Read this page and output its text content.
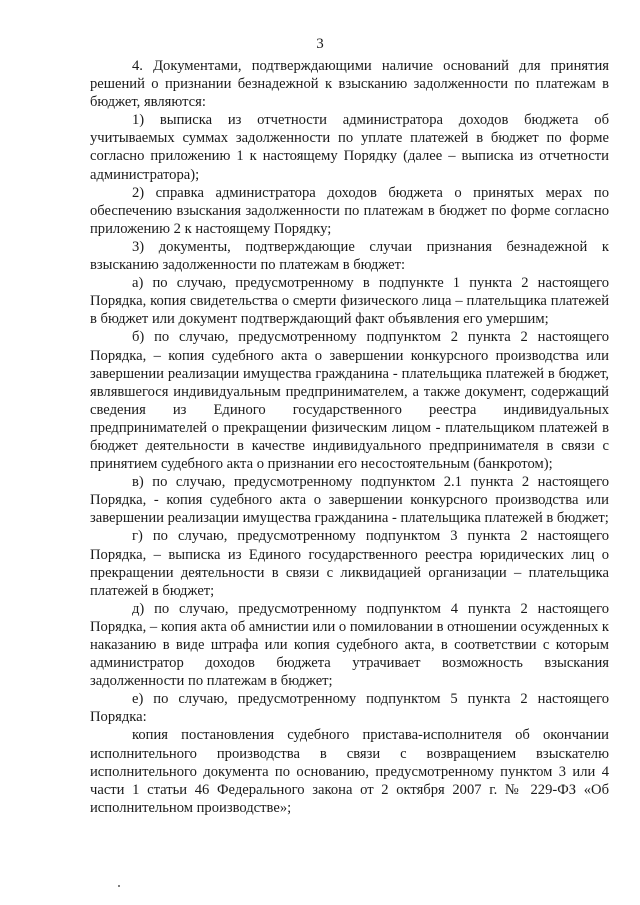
3

4. Документами, подтверждающими наличие оснований для принятия решений о признании безнадежной к взысканию задолженности по платежам в бюджет, являются:

1) выписка из отчетности администратора доходов бюджета об учитываемых суммах задолженности по уплате платежей в бюджет по форме согласно приложению 1 к настоящему Порядку (далее – выписка из отчетности администратора);

2) справка администратора доходов бюджета о принятых мерах по обеспечению взыскания задолженности по платежам в бюджет по форме согласно приложению 2 к настоящему Порядку;

3) документы, подтверждающие случаи признания безнадежной к взысканию задолженности по платежам в бюджет:

а) по случаю, предусмотренному в подпункте 1 пункта 2 настоящего Порядка, копия свидетельства о смерти физического лица – плательщика платежей в бюджет или документ подтверждающий факт объявления его умершим;

б) по случаю, предусмотренному подпунктом 2 пункта 2 настоящего Порядка, – копия судебного акта о завершении конкурсного производства или завершении реализации имущества гражданина - плательщика платежей в бюджет, являвшегося индивидуальным предпринимателем, а также документ, содержащий сведения из Единого государственного реестра индивидуальных предпринимателей о прекращении физическим лицом - плательщиком платежей в бюджет деятельности в качестве индивидуального предпринимателя в связи с принятием судебного акта о признании его несостоятельным (банкротом);

в) по случаю, предусмотренному подпунктом 2.1 пункта 2 настоящего Порядка, - копия судебного акта о завершении конкурсного производства или завершении реализации имущества гражданина - плательщика платежей в бюджет;

г) по случаю, предусмотренному подпунктом 3 пункта 2 настоящего Порядка, – выписка из Единого государственного реестра юридических лиц о прекращении деятельности в связи с ликвидацией организации – плательщика платежей в бюджет;

д) по случаю, предусмотренному подпунктом 4 пункта 2 настоящего Порядка, – копия акта об амнистии или о помиловании в отношении осужденных к наказанию в виде штрафа или копия судебного акта, в соответствии с которым администратор доходов бюджета утрачивает возможность взыскания задолженности по платежам в бюджет;

е) по случаю, предусмотренному подпунктом 5 пункта 2 настоящего Порядка:

копия постановления судебного пристава-исполнителя об окончании исполнительного производства в связи с возвращением взыскателю исполнительного документа по основанию, предусмотренному пунктом 3 или 4 части 1 статьи 46 Федерального закона от 2 октября 2007 г. № 229-ФЗ «Об исполнительном производстве»;
